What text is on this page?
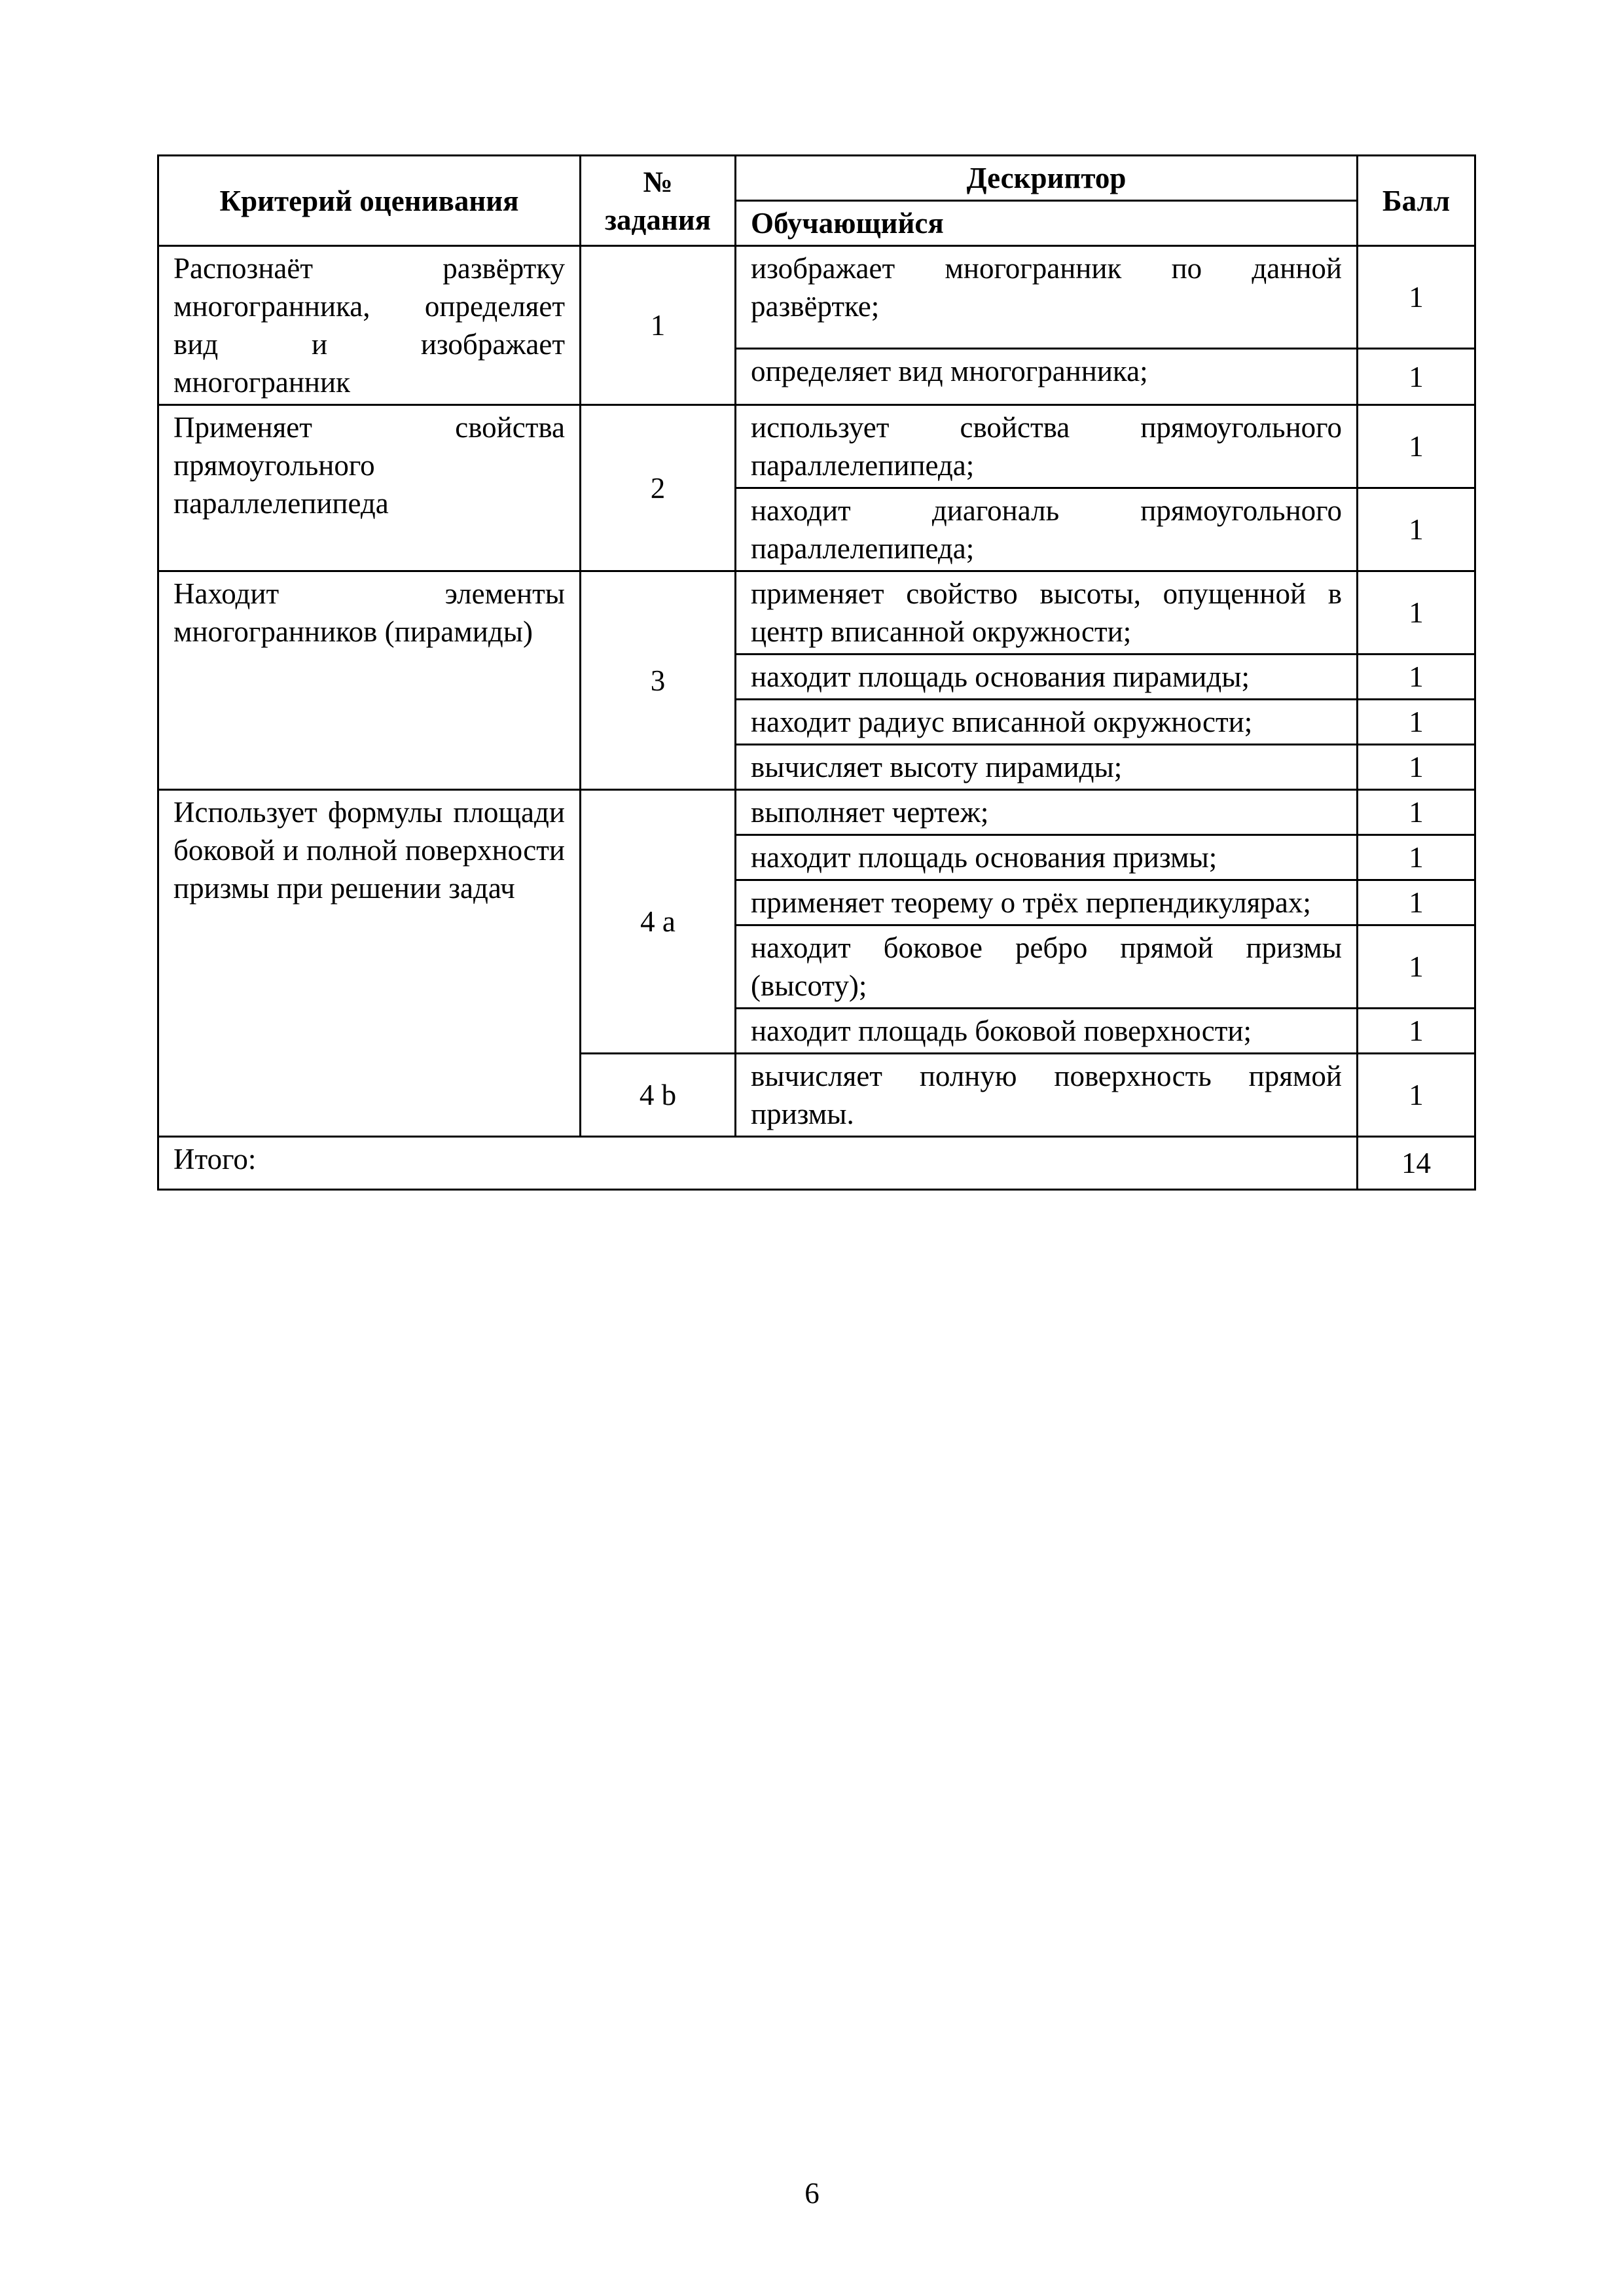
Критерий оценивания	№ задания	Дескриптор	Балл
		Обучающийся	
Распознаёт развёртку многогранника, определяет вид и изображает многогранник	1	изображает многогранник по данной развёртке;	1
		определяет вид многогранника;	1
Применяет свойства прямоугольного параллелепипеда	2	использует свойства прямоугольного параллелепипеда;	1
		находит диагональ прямоугольного параллелепипеда;	1
Находит элементы многогранников (пирамиды)	3	применяет свойство высоты, опущенной в центр вписанной окружности;	1
		находит площадь основания пирамиды;	1
		находит радиус вписанной окружности;	1
		вычисляет высоту пирамиды;	1
Использует формулы площади боковой и полной поверхности призмы при решении задач	4 a	выполняет чертеж;	1
		находит площадь основания призмы;	1
		применяет теорему о трёх перпендикулярах;	1
		находит боковое ребро прямой призмы (высоту);	1
		находит площадь боковой поверхности;	1
	4 b	вычисляет полную поверхность прямой призмы.	1
Итого:			14
6
